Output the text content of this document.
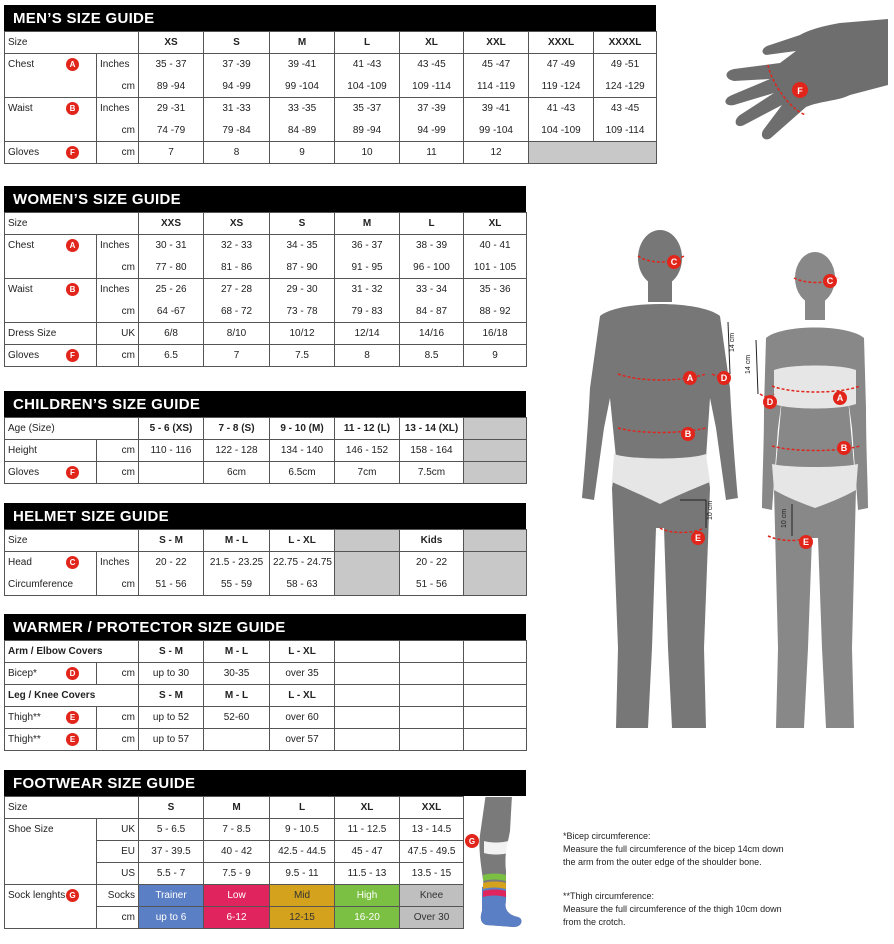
MEN’S SIZE GUIDE
Size		XS	S	M	L	XL	XXL	XXXL	XXXXL
Chest A	Inches	35 - 37	37 -39	39 -41	41 -43	43 -45	45 -47	47 -49	49 -51
	cm	89 -94	94 -99	99 -104	104 -109	109 -114	114 -119	119 -124	124 -129
Waist B	Inches	29 -31	31 -33	33 -35	35 -37	37 -39	39 -41	41 -43	43 -45
	cm	74 -79	79 -84	84 -89	89 -94	94 -99	99 -104	104 -109	109 -114
Gloves F	cm	7	8	9	10	11	12		
WOMEN’S SIZE GUIDE
Size		XXS	XS	S	M	L	XL
Chest A	Inches	30 - 31	32 - 33	34 - 35	36 - 37	38 - 39	40 - 41
	cm	77 - 80	81 - 86	87 - 90	91 - 95	96 - 100	101 - 105
Waist B	Inches	25 - 26	27 - 28	29 - 30	31 - 32	33 - 34	35 - 36
	cm	64 -67	68 - 72	73 - 78	79 - 83	84 - 87	88 - 92
Dress Size	UK	6/8	8/10	10/12	12/14	14/16	16/18
Gloves F	cm	6.5	7	7.5	8	8.5	9
CHILDREN’S SIZE GUIDE
Age (Size)		5 - 6 (XS)	7 - 8 (S)	9 - 10 (M)	11 - 12 (L)	13 - 14 (XL)	
Height	cm	110 - 116	122 - 128	134 - 140	146 - 152	158 - 164	
Gloves F	cm		6cm	6.5cm	7cm	7.5cm	
HELMET SIZE GUIDE
Size		S - M	M - L	L - XL		Kids	
Head C	Inches	20 - 22	21.5 - 23.25	22.75 - 24.75		20 - 22	
Circumference	cm	51 - 56	55 - 59	58 - 63		51 - 56	
WARMER / PROTECTOR SIZE GUIDE
Arm / Elbow Covers		S - M	M - L	L - XL			
Bicep* D	cm	up to 30	30-35	over 35			
Leg / Knee Covers		S - M	M - L	L - XL			
Thigh** E	cm	up to 52	52-60	over 60			
Thigh** E	cm	up to 57		over 57			
FOOTWEAR SIZE GUIDE
Size		S	M	L	XL	XXL	G

Shoe Size	UK	5 - 6.5	7 - 8.5	9 - 10.5	11 - 12.5	13 - 14.5	
	EU	37 - 39.5	40 - 42	42.5 - 44.5	45 - 47	47.5 - 49.5	
	US	5.5 - 7	7.5 - 9	9.5 - 11	11.5 - 13	13.5 - 15	
Sock lenghts G	Socks	Trainer	Low	Mid	High	Knee	
	cm	up to 6	6-12	12-15	16-20	Over 30	
F
14 cm
14 cm
10 cm	10 cm
C
C
A	D
A
D
B
B
E	E
*Bicep circumference:
Measure the full circumference of the bicep 14cm down
the arm from the outer edge of the shoulder bone.
**Thigh circumference:
Measure the full circumference of the thigh 10cm down
from the crotch.
